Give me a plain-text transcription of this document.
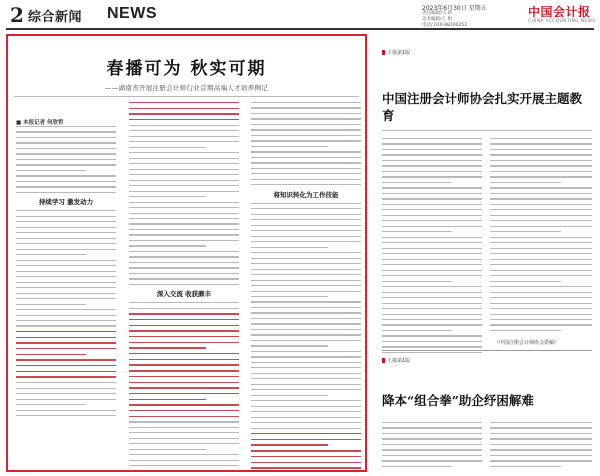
2 综合新闻 NEWS	2023年6月30日 星期五
责任编辑/马 新
美术编辑/王 娟
电话/ 010-88190252
中国会计报
CHINA ACCOUNTING NEWS
春播可为 秋实可期
——湖南省开展注册会计师行业首期高端人才培养侧记
■ 本报记者 何欣哲
持续学习 激发动力
深入交流 收获颇丰
将知识转化为工作技能
上接第1版
中国注册会计师协会扎实开展主题教育
（中国注册会计师协会供稿）
上接第1版
降本“组合拳”助企纾困解难
